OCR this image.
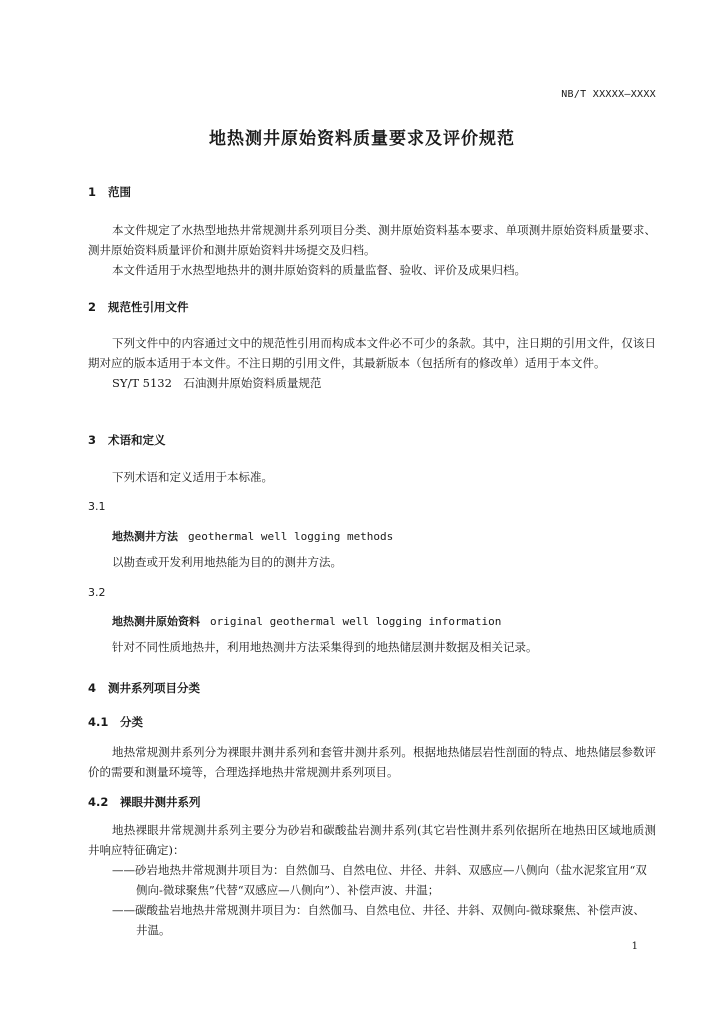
NB/T XXXXX—XXXX
地热测井原始资料质量要求及评价规范
1 范围
本文件规定了水热型地热井常规测井系列项目分类、测井原始资料基本要求、单项测井原始资料质量要求、测井原始资料质量评价和测井原始资料井场提交及归档。
本文件适用于水热型地热井的测井原始资料的质量监督、验收、评价及成果归档。
2 规范性引用文件
下列文件中的内容通过文中的规范性引用而构成本文件必不可少的条款。其中，注日期的引用文件，仅该日期对应的版本适用于本文件。不注日期的引用文件，其最新版本（包括所有的修改单）适用于本文件。
SY/T 5132　石油测井原始资料质量规范
3 术语和定义
下列术语和定义适用于本标准。
3.1
地热测井方法 geothermal well logging methods
以勘查或开发利用地热能为目的的测井方法。
3.2
地热测井原始资料 original geothermal well logging information
针对不同性质地热井，利用地热测井方法采集得到的地热储层测井数据及相关记录。
4 测井系列项目分类
4.1 分类
地热常规测井系列分为裸眼井测井系列和套管井测井系列。根据地热储层岩性剖面的特点、地热储层参数评价的需要和测量环境等，合理选择地热井常规测井系列项目。
4.2 裸眼井测井系列
地热裸眼井常规测井系列主要分为砂岩和碳酸盐岩测井系列(其它岩性测井系列依据所在地热田区域地质测井响应特征确定)：
——砂岩地热井常规测井项目为：自然伽马、自然电位、井径、井斜、双感应—八侧向（盐水泥浆宜用“双侧向-微球聚焦”代替“双感应—八侧向”）、补偿声波、井温；
——碳酸盐岩地热井常规测井项目为：自然伽马、自然电位、井径、井斜、双侧向-微球聚焦、补偿声波、井温。
1
